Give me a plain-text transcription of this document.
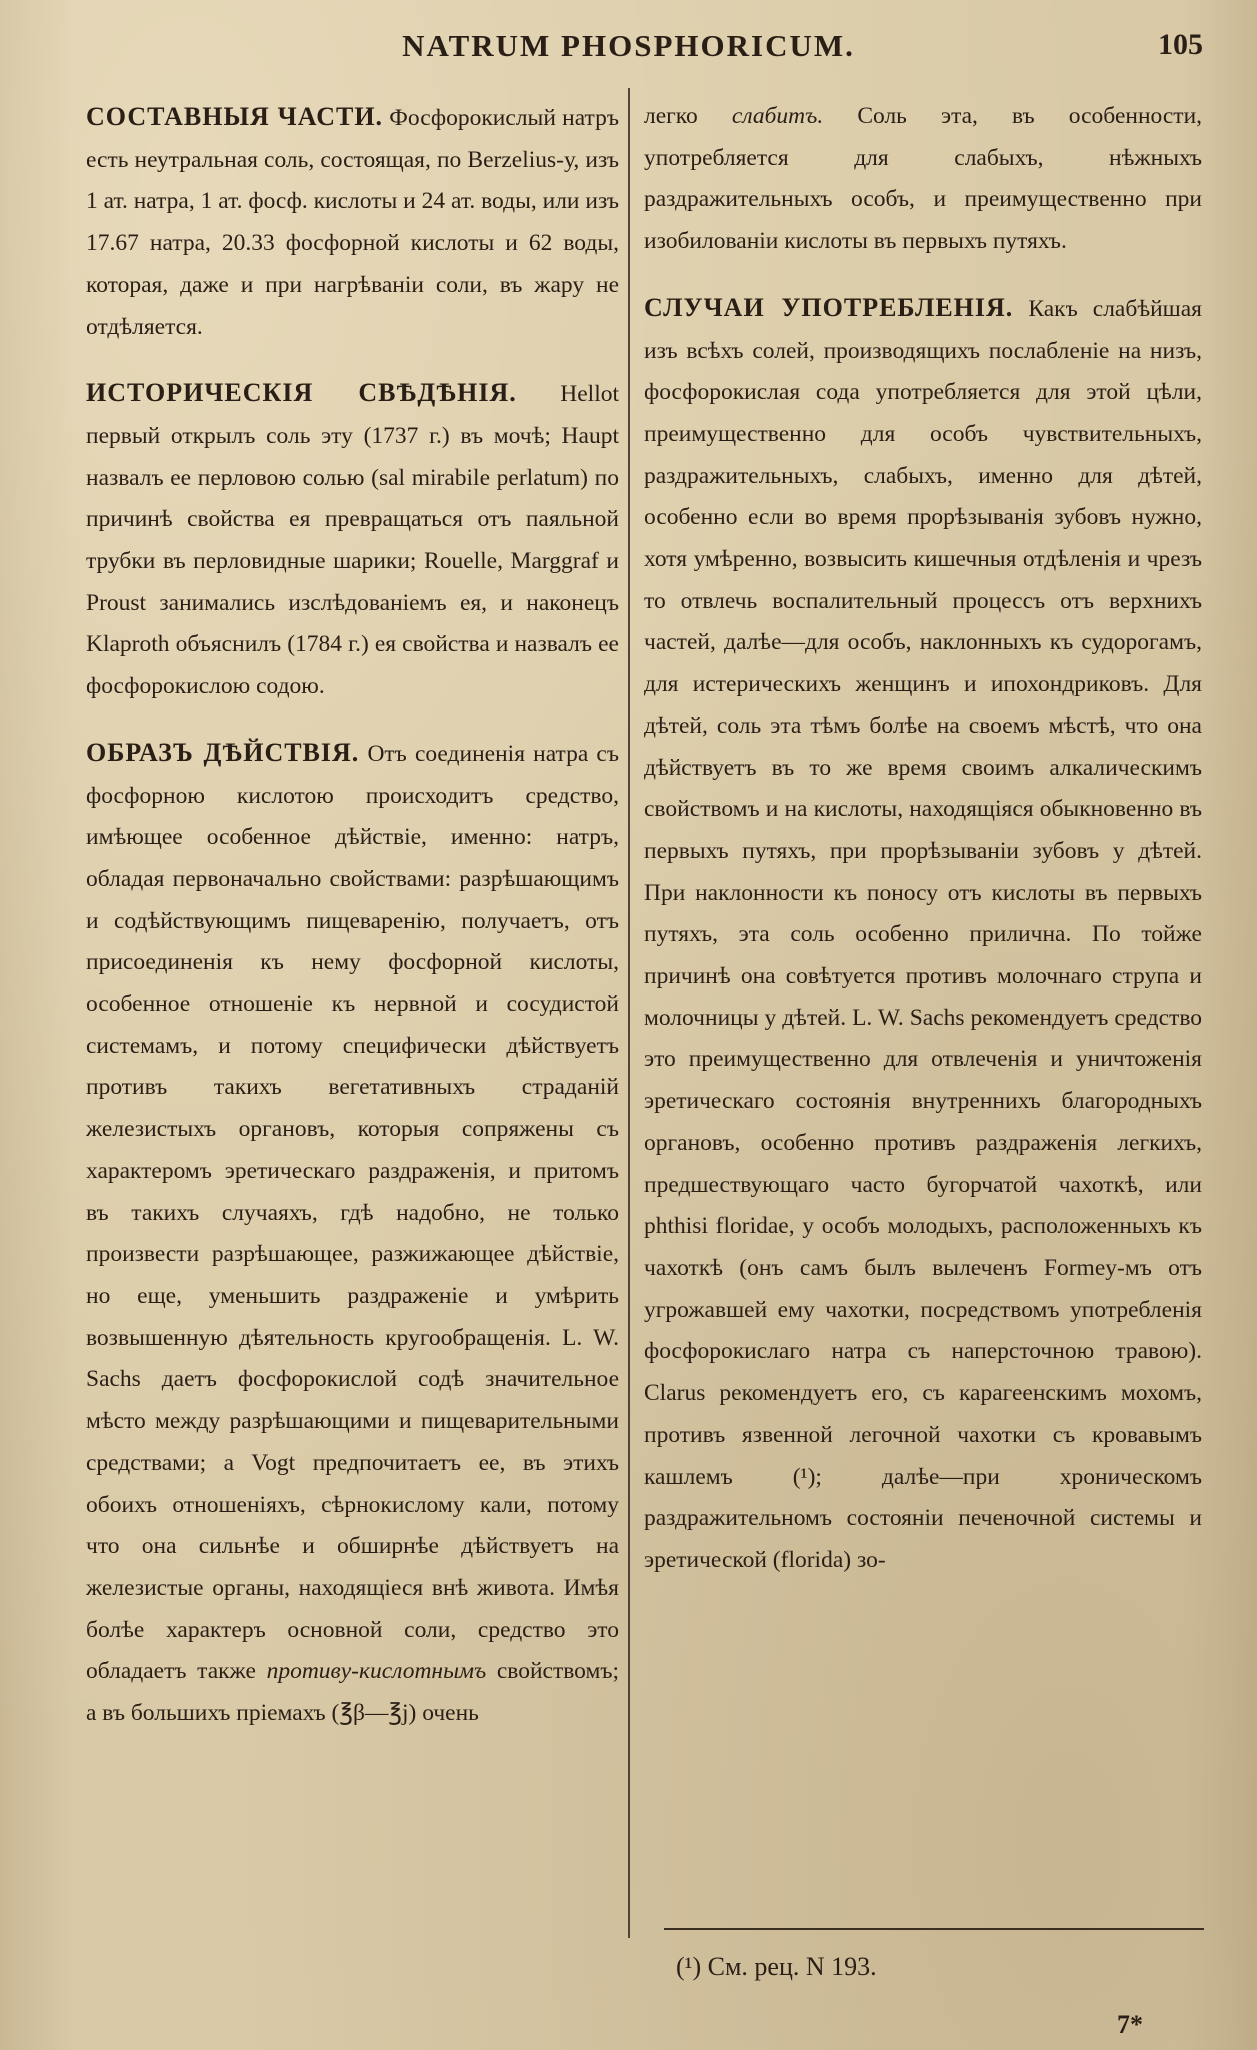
NATRUM PHOSPHORICUM.	105

СОСТАВНЫЯ ЧАСТИ. Фосфорокислый натръ есть неутральная соль, состоящая, по Berzelius-у, изъ 1 ат. натра, 1 ат. фосф. кислоты и 24 ат. воды, или изъ 17.67 натра, 20.33 фосфорной кислоты и 62 воды, которая, даже и при нагрѣваніи соли, въ жару не отдѣляется.

ИСТОРИЧЕСКІЯ СВѢДѢНІЯ. Hellot первый открылъ соль эту (1737 г.) въ мочѣ; Haupt назвалъ ее перловою солью (sal mirabile perlatum) по причинѣ свойства ея превращаться отъ паяльной трубки въ перловидные шарики; Rouelle, Marggraf и Proust занимались изслѣдованіемъ ея, и наконецъ Klaproth объяснилъ (1784 г.) ея свойства и назвалъ ее фосфорокислою содою.

ОБРАЗЪ ДѢЙСТВІЯ. Отъ соединенія натра съ фосфорною кислотою происходитъ средство, имѣющее особенное дѣйствіе, именно: натръ, обладая первоначально свойствами: разрѣшающимъ и содѣйствующимъ пищеваренію, получаетъ, отъ присоединенія къ нему фосфорной кислоты, особенное отношеніе къ нервной и сосудистой системамъ, и потому специфически дѣйствуетъ противъ такихъ вегетативныхъ страданій железистыхъ органовъ, которыя сопряжены съ характеромъ эретическаго раздраженія, и притомъ въ такихъ случаяхъ, гдѣ надобно, не только произвести разрѣшающее, разжижающее дѣйствіе, но еще, уменьшить раздраженіе и умѣрить возвышенную дѣятельность кругообращенія. L. W. Sachs даетъ фосфорокислой содѣ значительное мѣсто между разрѣшающими и пищеварительными средствами; a Vogt предпочитаетъ ее, въ этихъ обоихъ отношеніяхъ, сѣрнокислому кали, потому что она сильнѣе и обширнѣе дѣйствуетъ на железистые органы, находящіеся внѣ живота. Имѣя болѣе характеръ основной соли, средство это обладаетъ также противу-кислотнымъ свойствомъ; а въ большихъ пріемахъ (℥β—℥j) очень

легко слабитъ. Соль эта, въ особенности, употребляется для слабыхъ, нѣжныхъ раздражительныхъ особъ, и преимущественно при изобилованіи кислоты въ первыхъ путяхъ.

СЛУЧАИ УПОТРЕБЛЕНІЯ. Какъ слабѣйшая изъ всѣхъ солей, производящихъ послабленіе на низъ, фосфорокислая сода употребляется для этой цѣли, преимущественно для особъ чувствительныхъ, раздражительныхъ, слабыхъ, именно для дѣтей, особенно если во время прорѣзыванія зубовъ нужно, хотя умѣренно, возвысить кишечныя отдѣленія и чрезъ то отвлечь воспалительный процессъ отъ верхнихъ частей, далѣе—для особъ, наклонныхъ къ судорогамъ, для истерическихъ женщинъ и ипохондриковъ. Для дѣтей, соль эта тѣмъ болѣе на своемъ мѣстѣ, что она дѣйствуетъ въ то же время своимъ алкалическимъ свойствомъ и на кислоты, находящіяся обыкновенно въ первыхъ путяхъ, при прорѣзываніи зубовъ у дѣтей. При наклонности къ поносу отъ кислоты въ первыхъ путяхъ, эта соль особенно прилична. По тойже причинѣ она совѣтуется противъ молочнаго струпа и молочницы у дѣтей. L. W. Sachs рекомендуетъ средство это преимущественно для отвлеченія и уничтоженія эретическаго состоянія внутреннихъ благородныхъ органовъ, особенно противъ раздраженія легкихъ, предшествующаго часто бугорчатой чахоткѣ, или phthisi floridae, у особъ молодыхъ, расположенныхъ къ чахоткѣ (онъ самъ былъ вылеченъ Formey-мъ отъ угрожавшей ему чахотки, посредствомъ употребленія фосфорокислаго натра съ наперсточною травою). Clarus рекомендуетъ его, съ карагеенскимъ мохомъ, противъ язвенной легочной чахотки съ кровавымъ кашлемъ (¹); далѣе—при хроническомъ раздражительномъ состояніи печеночной системы и эретической (florida) зо-

(¹) См. рец. N 193.
7*
